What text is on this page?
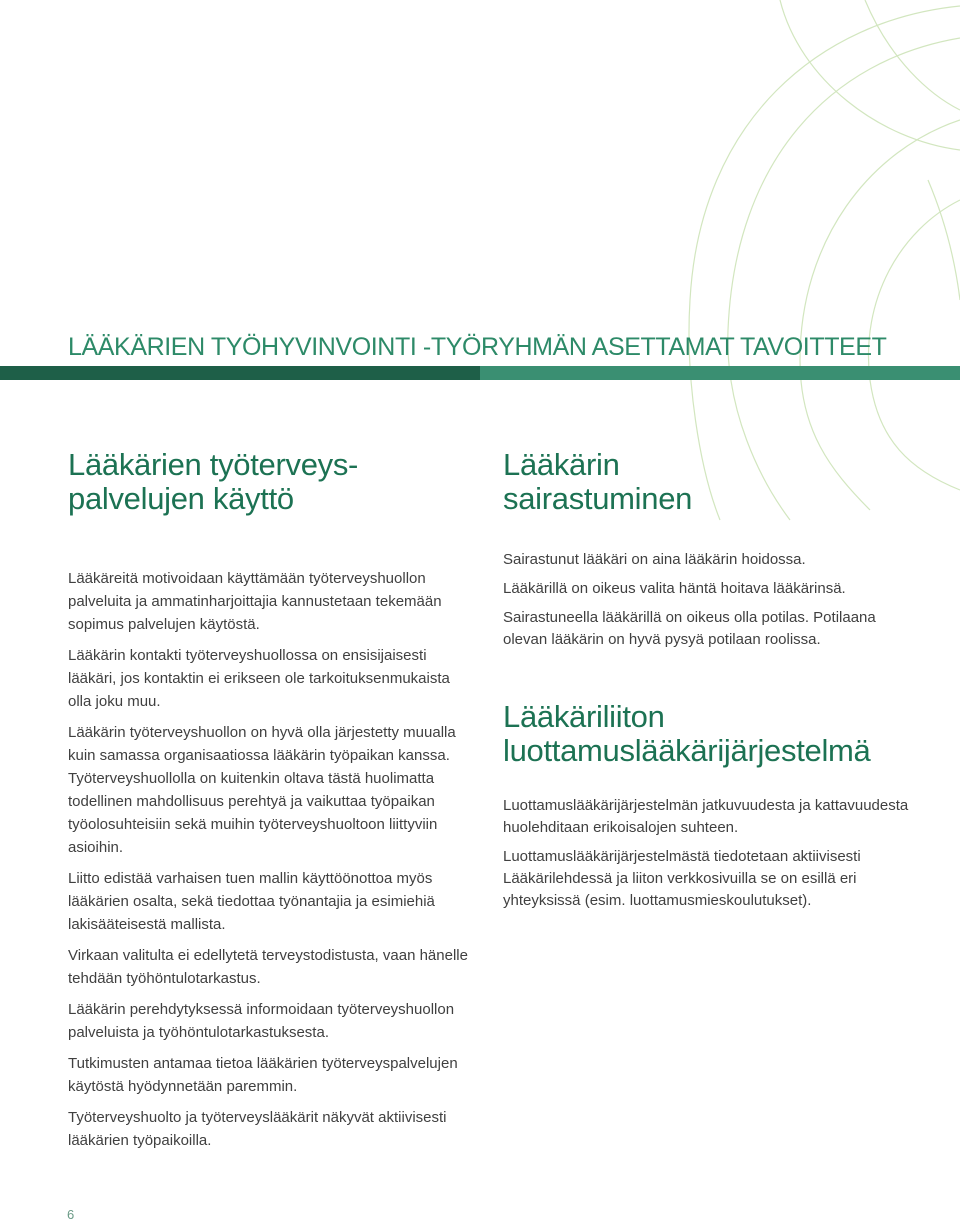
LÄÄKÄRIEN TYÖHYVINVOINTI -TYÖRYHMÄN ASETTAMAT TAVOITTEET
Lääkärien työterveys-
palvelujen käyttö

Lääkäreitä motivoidaan käyttämään työterveyshuollon palveluita ja ammatinharjoittajia kannustetaan tekemään sopimus palvelujen käytöstä.

Lääkärin kontakti työterveyshuollossa on ensisijaisesti lääkäri, jos kontaktin ei erikseen ole tarkoituksenmukaista olla joku muu.

Lääkärin työterveyshuollon on hyvä olla järjestetty muualla kuin samassa organisaatiossa lääkärin työpaikan kanssa. Työterveyshuollolla on kuitenkin oltava tästä huolimatta todellinen mahdollisuus perehtyä ja vaikuttaa työpaikan työolosuhteisiin sekä muihin työterveyshuoltoon liittyviin asioihin.

Liitto edistää varhaisen tuen mallin käyttöönottoa myös lääkärien osalta, sekä tiedottaa työnantajia ja esimiehiä lakisääteisestä mallista.

Virkaan valitulta ei edellytetä terveystodistusta, vaan hänelle tehdään työhöntulotarkastus.

Lääkärin perehdytyksessä informoidaan työterveyshuollon palveluista ja työhöntulotarkastuksesta.

Tutkimusten antamaa tietoa lääkärien työterveyspalvelujen käytöstä hyödynnetään paremmin.

Työterveyshuolto ja työterveyslääkärit näkyvät aktiivisesti lääkärien työpaikoilla.

Lääkärin
sairastuminen

Sairastunut lääkäri on aina lääkärin hoidossa.

Lääkärillä on oikeus valita häntä hoitava lääkärinsä.

Sairastuneella lääkärillä on oikeus olla potilas. Potilaana olevan lääkärin on hyvä pysyä potilaan roolissa.

Lääkäriliiton
luottamuslääkärijärjestelmä

Luottamuslääkärijärjestelmän jatkuvuudesta ja kattavuudesta huolehditaan erikoisalojen suhteen.

Luottamuslääkärijärjestelmästä tiedotetaan aktiivisesti Lääkärilehdessä ja liiton verkkosivuilla se on esillä eri yhteyksissä (esim. luottamusmieskoulutukset).

6
